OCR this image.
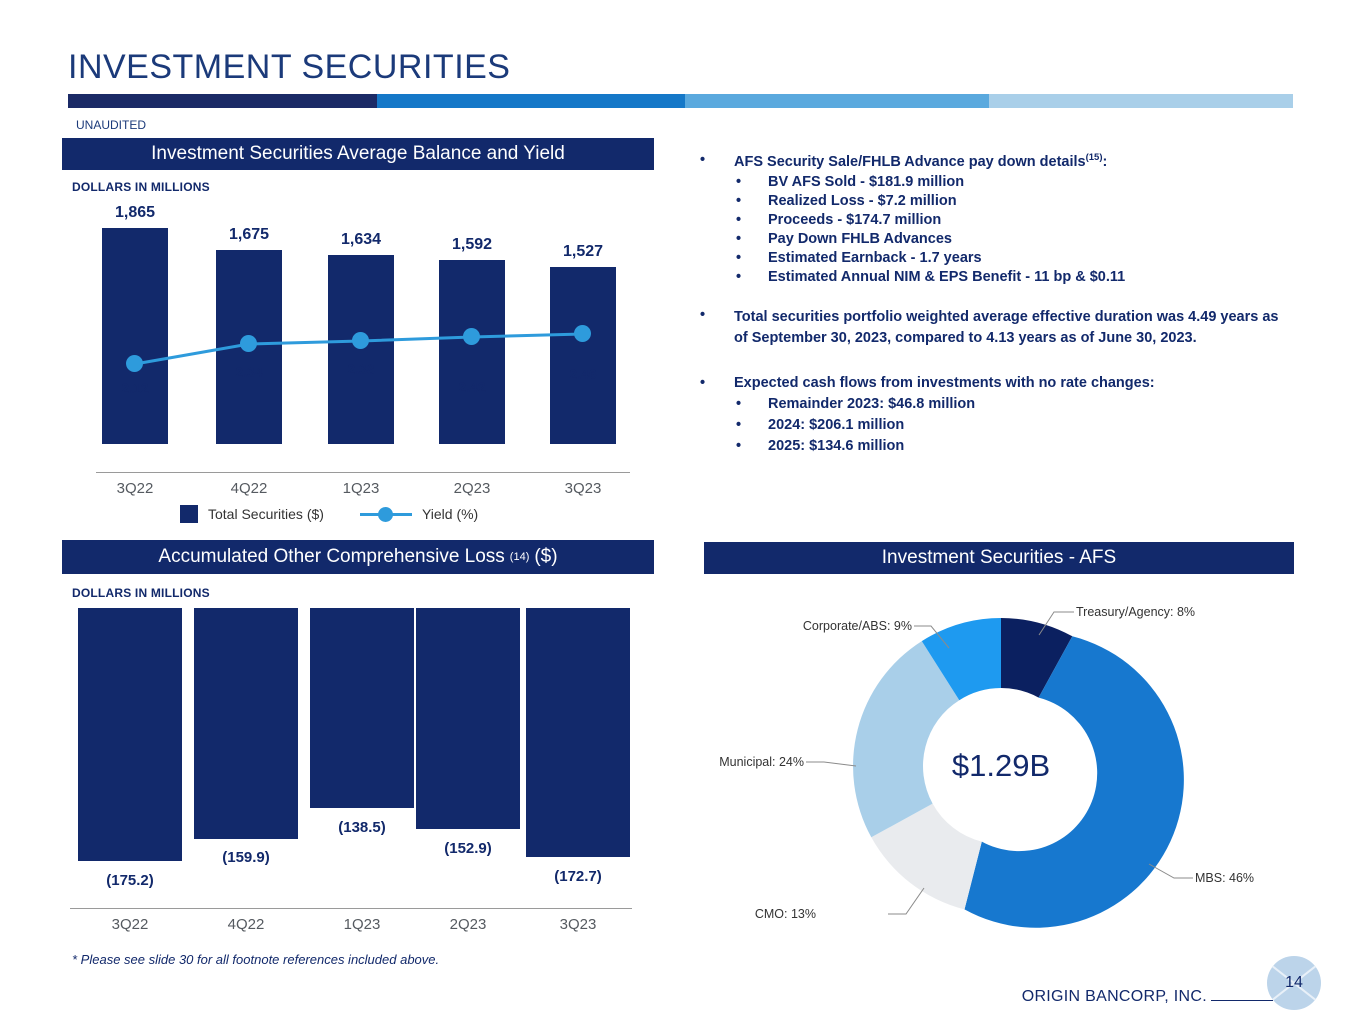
INVESTMENT SECURITIES
UNAUDITED
Investment Securities Average Balance and Yield
DOLLARS IN MILLIONS
1,865
1,675	1,634	1,592	1,527
2.12
2.34	2.38
2.42
2.46
3Q22	4Q22	1Q23	2Q23	3Q23
Total Securities ($)	Yield (%)
•	AFS Security Sale/FHLB Advance pay down details$^{(15)}$:
•	BV AFS Sold - $181.9 million
•	Realized Loss - $7.2 million
•	Proceeds - $174.7 million
•	Pay Down FHLB Advances
•	Estimated Earnback - 1.7 years
•	Estimated Annual NIM & EPS Benefit - 11 bp & $0.11
•	Total securities portfolio weighted average effective duration was 4.49 years as of September 30, 2023, compared to 4.13 years as of June 30, 2023.
•	Expected cash flows from investments with no rate changes:
•	Remainder 2023: $46.8 million
•	2024: $206.1 million
•	2025: $134.6 million
Accumulated Other Comprehensive Loss (14) ($)
DOLLARS IN MILLIONS
(175.2)
(159.9)
(138.5)
(152.9)
(172.7)
3Q22	4Q22	1Q23	2Q23	3Q23
Investment Securities - AFS
$1.29B
Treasury/Agency: 8%
MBS: 46%
CMO: 13%
Municipal: 24%
Corporate/ABS: 9%
* Please see slide 30 for all footnote references included above.
ORIGIN BANCORP, INC.
14
